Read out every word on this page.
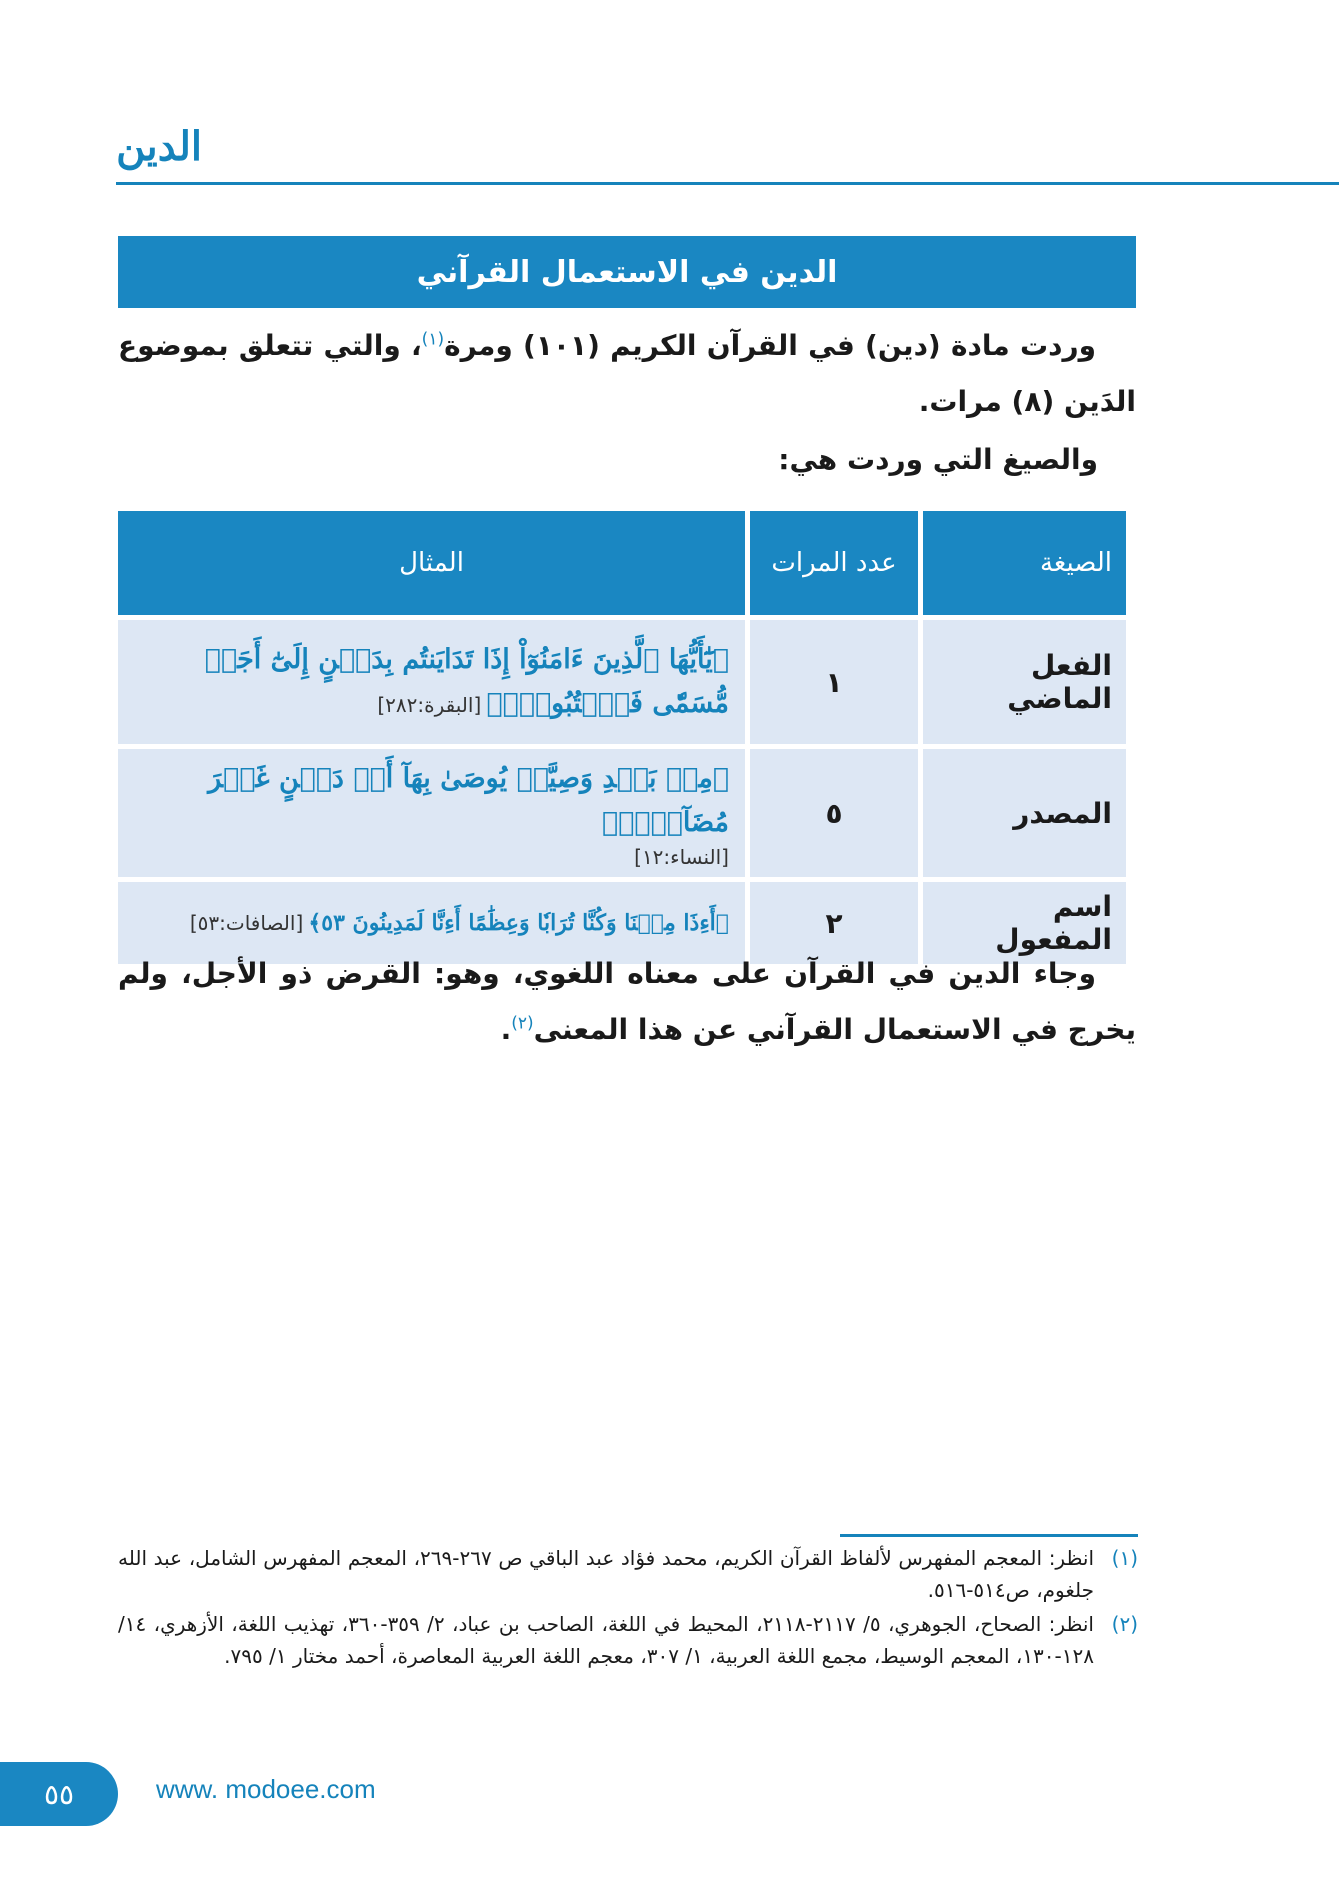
الدين
الدين في الاستعمال القرآني
وردت مادة (دين) في القرآن الكريم (١٠١) ومرة$^{(١)}$، والتي تتعلق بموضوع الدَين (٨) مرات.
والصيغ التي وردت هي:
الصيغة	عدد المرات	المثال
الفعل الماضي	١	﴿يَٰٓأَيُّهَا ٱلَّذِينَ ءَامَنُوٓاْ إِذَا تَدَايَنتُم بِدَيۡنٍ إِلَىٰٓ أَجَلٖ مُّسَمّٗى فَٱكۡتُبُوهُۚ﴾ [البقرة:٢٨٢]
المصدر	٥	﴿مِنۢ بَعۡدِ وَصِيَّةٖ يُوصَىٰ بِهَآ أَوۡ دَيۡنٍ غَيۡرَ مُضَآرّٖۚ﴾
[النساء:١٢]
اسم المفعول	٢	﴿أَءِذَا مِتۡنَا وَكُنَّا تُرَابٗا وَعِظَٰمًا أَءِنَّا لَمَدِينُونَ ٥٣﴾ [الصافات:٥٣]
وجاء الدين في القرآن على معناه اللغوي، وهو: القرض ذو الأجل، ولم يخرج في الاستعمال القرآني عن هذا المعنى$^{(٢)}$.
(١)
انظر: المعجم المفهرس لألفاظ القرآن الكريم، محمد فؤاد عبد الباقي ص ٢٦٧-٢٦٩، المعجم المفهرس الشامل، عبد الله جلغوم، ص٥١٤-٥١٦.
(٢)
انظر: الصحاح، الجوهري، ٥/ ٢١١٧-٢١١٨، المحيط في اللغة، الصاحب بن عباد، ٢/ ٣٥٩-٣٦٠، تهذيب اللغة، الأزهري، ١٤/ ١٢٨-١٣٠، المعجم الوسيط، مجمع اللغة العربية، ١/ ٣٠٧، معجم اللغة العربية المعاصرة، أحمد مختار ١/ ٧٩٥.
٥٥	www. modoee.com
